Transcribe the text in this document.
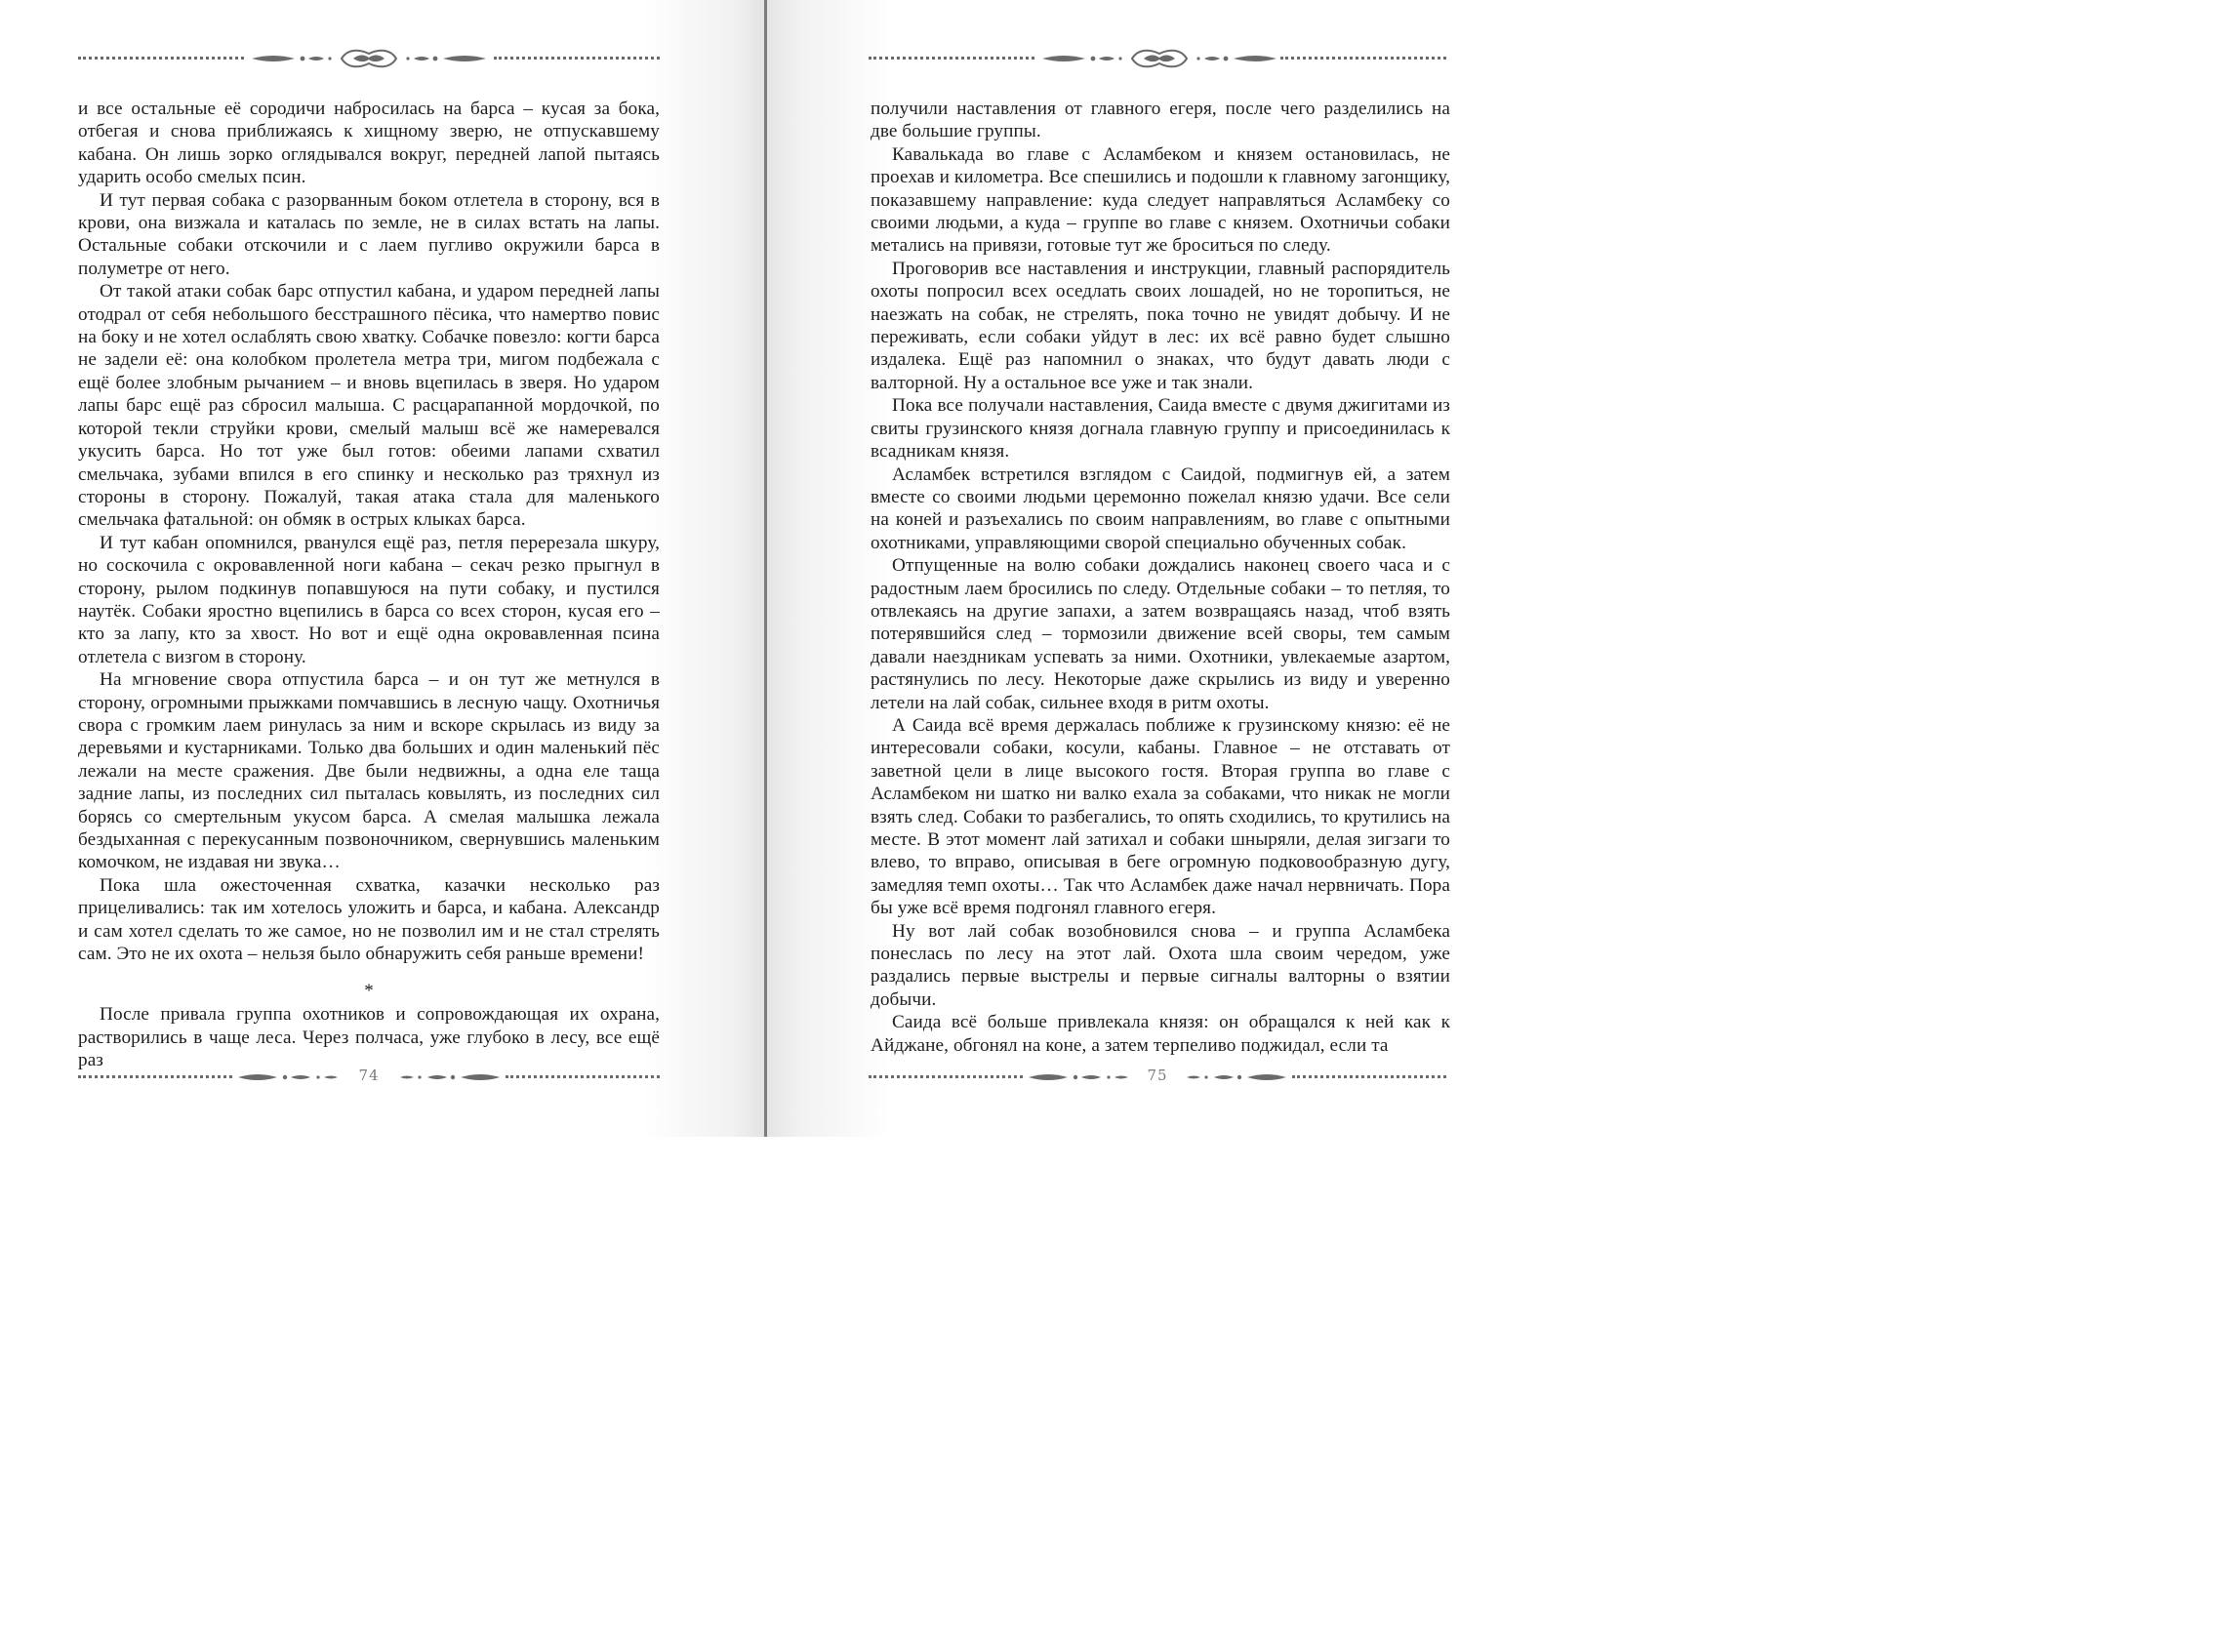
и все остальные её сородичи набросилась на барса – кусая за бока, отбегая и снова приближаясь к хищному зверю, не отпускавшему кабана. Он лишь зорко оглядывался вокруг, передней лапой пытаясь ударить особо смелых псин.

И тут первая собака с разорванным боком отлетела в сторону, вся в крови, она визжала и каталась по земле, не в силах встать на лапы. Остальные собаки отскочили и с лаем пугливо окружили барса в полуметре от него.

От такой атаки собак барс отпустил кабана, и ударом передней лапы отодрал от себя небольшого бесстрашного пёсика, что намертво повис на боку и не хотел ослаблять свою хватку. Собачке повезло: когти барса не задели её: она колобком пролетела метра три, мигом подбежала с ещё более злобным рычанием – и вновь вцепилась в зверя. Но ударом лапы барс ещё раз сбросил малыша. С расцарапанной мордочкой, по которой текли струйки крови, смелый малыш всё же намеревался укусить барса. Но тот уже был готов: обеими лапами схватил смельчака, зубами впился в его спинку и несколько раз тряхнул из стороны в сторону. Пожалуй, такая атака стала для маленького смельчака фатальной: он обмяк в острых клыках барса.

И тут кабан опомнился, рванулся ещё раз, петля перерезала шкуру, но соскочила с окровавленной ноги кабана – секач резко прыгнул в сторону, рылом подкинув попавшуюся на пути собаку, и пустился наутёк. Собаки яростно вцепились в барса со всех сторон, кусая его – кто за лапу, кто за хвост. Но вот и ещё одна окровавленная псина отлетела с визгом в сторону.

На мгновение свора отпустила барса – и он тут же метнулся в сторону, огромными прыжками помчавшись в лесную чащу. Охотничья свора с громким лаем ринулась за ним и вскоре скрылась из виду за деревьями и кустарниками. Только два больших и один маленький пёс лежали на месте сражения. Две были недвижны, а одна еле таща задние лапы, из последних сил пыталась ковылять, из последних сил борясь со смертельным укусом барса. А смелая малышка лежала бездыханная с перекусанным позвоночником, свернувшись маленьким комочком, не издавая ни звука…

Пока шла ожесточенная схватка, казачки несколько раз прицеливались: так им хотелось уложить и барса, и кабана. Александр и сам хотел сделать то же самое, но не позволил им и не стал стрелять сам. Это не их охота – нельзя было обнаружить себя раньше времени!

*

После привала группа охотников и сопровождающая их охрана, растворились в чаще леса. Через полчаса, уже глубоко в лесу, все ещё раз

74

получили наставления от главного егеря, после чего разделились на две большие группы.

Кавалькада во главе с Асламбеком и князем остановилась, не проехав и километра. Все спешились и подошли к главному загонщику, показавшему направление: куда следует направляться Асламбеку со своими людьми, а куда – группе во главе с князем. Охотничьи собаки метались на привязи, готовые тут же броситься по следу.

Проговорив все наставления и инструкции, главный распорядитель охоты попросил всех оседлать своих лошадей, но не торопиться, не наезжать на собак, не стрелять, пока точно не увидят добычу. И не переживать, если собаки уйдут в лес: их всё равно будет слышно издалека. Ещё раз напомнил о знаках, что будут давать люди с валторной. Ну а остальное все уже и так знали.

Пока все получали наставления, Саида вместе с двумя джигитами из свиты грузинского князя догнала главную группу и присоединилась к всадникам князя.

Асламбек встретился взглядом с Саидой, подмигнув ей, а затем вместе со своими людьми церемонно пожелал князю удачи. Все сели на коней и разъехались по своим направлениям, во главе с опытными охотниками, управляющими сворой специально обученных собак.

Отпущенные на волю собаки дождались наконец своего часа и с радостным лаем бросились по следу. Отдельные собаки – то петляя, то отвлекаясь на другие запахи, а затем возвращаясь назад, чтоб взять потерявшийся след – тормозили движение всей своры, тем самым давали наездникам успевать за ними. Охотники, увлекаемые азартом, растянулись по лесу. Некоторые даже скрылись из виду и уверенно летели на лай собак, сильнее входя в ритм охоты.

А Саида всё время держалась поближе к грузинскому князю: её не интересовали собаки, косули, кабаны. Главное – не отставать от заветной цели в лице высокого гостя. Вторая группа во главе с Асламбеком ни шатко ни валко ехала за собаками, что никак не могли взять след. Собаки то разбегались, то опять сходились, то крутились на месте. В этот момент лай затихал и собаки шныряли, делая зигзаги то влево, то вправо, описывая в беге огромную подковообразную дугу, замедляя темп охоты… Так что Асламбек даже начал нервничать. Пора бы уже всё время подгонял главного егеря.

Ну вот лай собак возобновился снова – и группа Асламбека понеслась по лесу на этот лай. Охота шла своим чередом, уже раздались первые выстрелы и первые сигналы валторны о взятии добычи.

Саида всё больше привлекала князя: он обращался к ней как к Айджане, обгонял на коне, а затем терпеливо поджидал, если та

75
